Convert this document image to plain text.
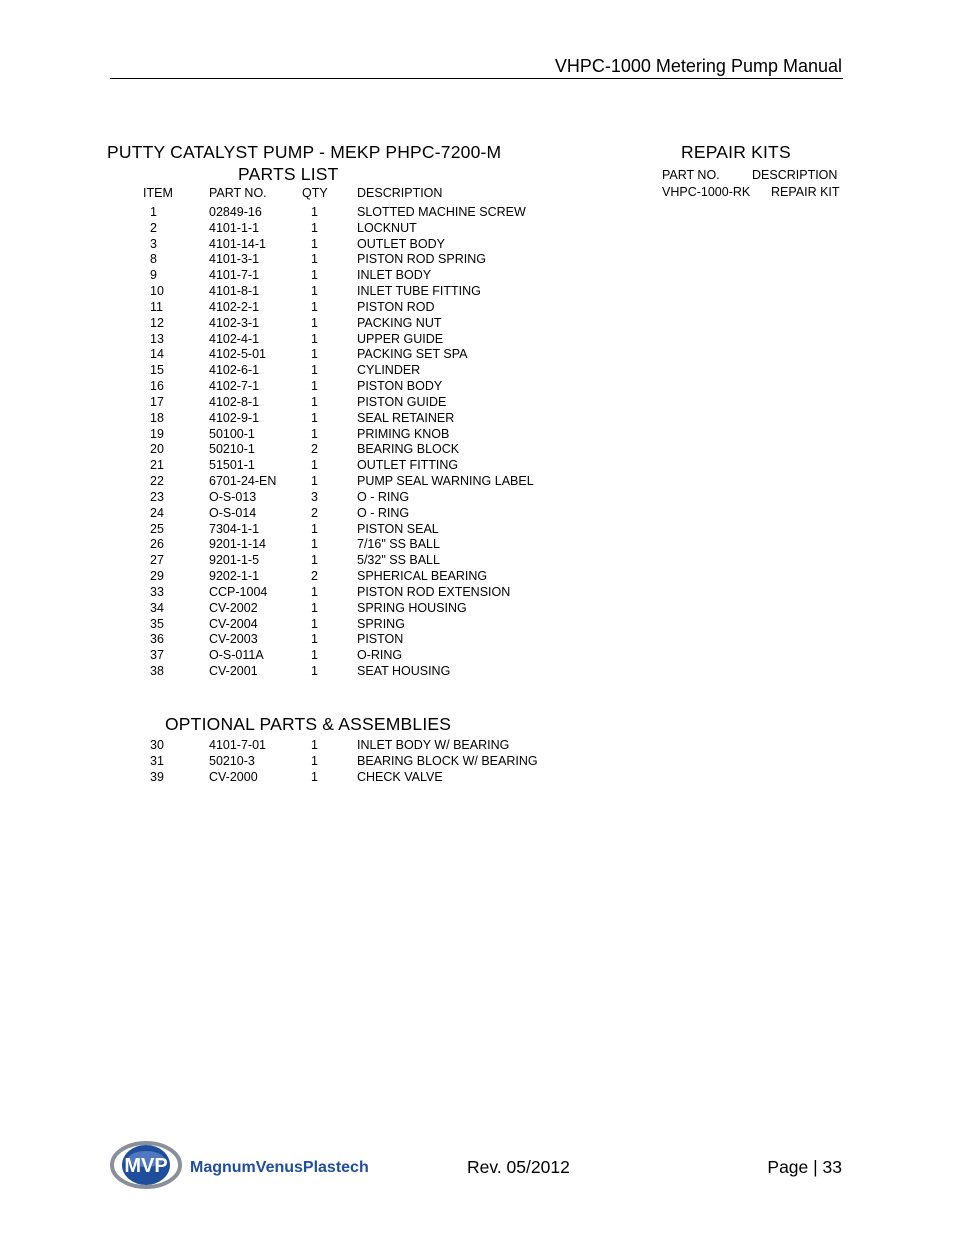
VHPC-1000 Metering Pump Manual
PUTTY CATALYST PUMP - MEKP PHPC-7200-M
PARTS LIST
ITEM	PART NO.	QTY DESCRIPTION
1	02849-16	1	SLOTTED MACHINE SCREW
2	4101-1-1	1	LOCKNUT
3	4101-14-1	1	OUTLET BODY
8	4101-3-1	1	PISTON ROD SPRING
9	4101-7-1	1	INLET BODY
10	4101-8-1	1	INLET TUBE FITTING
11	4102-2-1	1	PISTON ROD
12	4102-3-1	1	PACKING NUT
13	4102-4-1	1	UPPER GUIDE
14	4102-5-01	1	PACKING SET SPA
15	4102-6-1	1	CYLINDER
16	4102-7-1	1	PISTON BODY
17	4102-8-1	1	PISTON GUIDE
18	4102-9-1	1	SEAL RETAINER
19	50100-1	1	PRIMING KNOB
20	50210-1	2	BEARING BLOCK
21	51501-1	1	OUTLET FITTING
22	6701-24-EN	1	PUMP SEAL WARNING LABEL
23	O-S-013	3	O - RING
24	O-S-014	2	O - RING
25	7304-1-1	1	PISTON SEAL
26	9201-1-14	1	7/16" SS BALL
27	9201-1-5	1	5/32" SS BALL
29	9202-1-1	2	SPHERICAL BEARING
33	CCP-1004	1	PISTON ROD EXTENSION
34	CV-2002	1	SPRING HOUSING
35	CV-2004	1	SPRING
36	CV-2003	1	PISTON
37	O-S-011A	1	O-RING
38	CV-2001	1	SEAT HOUSING
OPTIONAL PARTS & ASSEMBLIES
30	4101-7-01	1	INLET BODY W/ BEARING
31	50210-3	1	BEARING BLOCK W/ BEARING
39	CV-2000	1	CHECK VALVE
REPAIR KITS
PART NO.	DESCRIPTION
VHPC-1000-RK REPAIR KIT
MVP MagnumVenusPlastech	Rev. 05/2012	Page | 33
